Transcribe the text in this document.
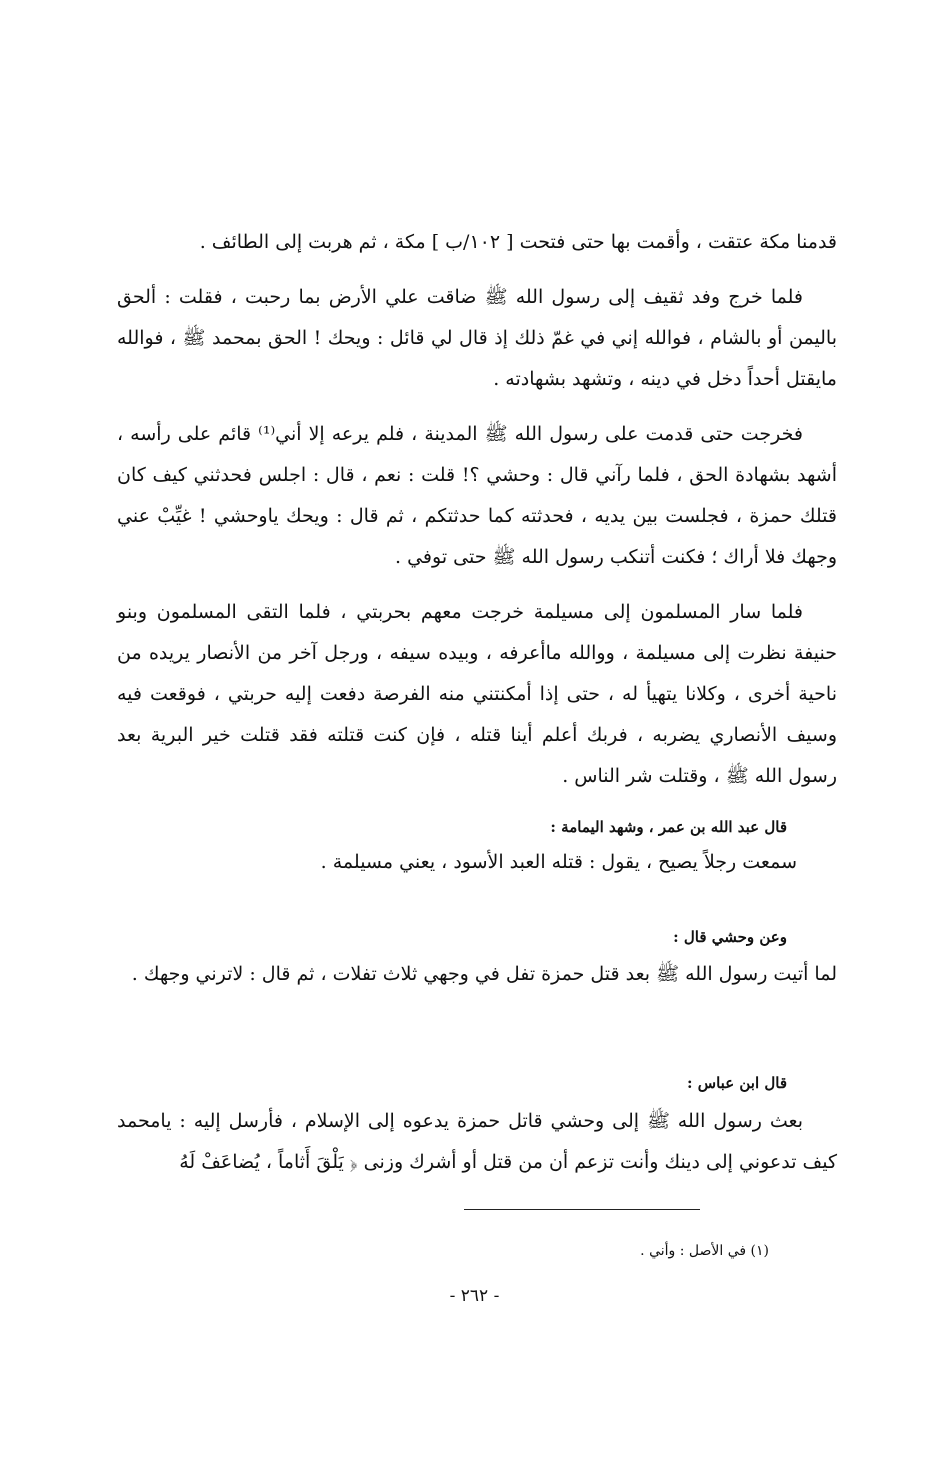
قدمنا مكة عتقت ، وأقمت بها حتى فتحت [ ١٠٢/ب ] مكة ، ثم هربت إلى الطائف .

فلما خرج وفد ثقيف إلى رسول الله ﷺ ضاقت علي الأرض بما رحبت ، فقلت : ألحق باليمن أو بالشام ، فوالله إني في غمّ ذلك إذ قال لي قائل : ويحك ! الحق بمحمد ﷺ ، فوالله مايقتل أحداً دخل في دينه ، وتشهد بشهادته .

فخرجت حتى قدمت على رسول الله ﷺ المدينة ، فلم يرعه إلا أني⁽¹⁾ قائم على رأسه ، أشهد بشهادة الحق ، فلما رآني قال : وحشي ؟! قلت : نعم ، قال : اجلس فحدثني كيف كان قتلك حمزة ، فجلست بين يديه ، فحدثته كما حدثتكم ، ثم قال : ويحك ياوحشي ! غيِّبْ عني وجهك فلا أراك ؛ فكنت أتنكب رسول الله ﷺ حتى توفي .

فلما سار المسلمون إلى مسيلمة خرجت معهم بحربتي ، فلما التقى المسلمون وبنو حنيفة نظرت إلى مسيلمة ، ووالله ماأعرفه ، وبيده سيفه ، ورجل آخر من الأنصار يريده من ناحية أخرى ، وكلانا يتهيأ له ، حتى إذا أمكنتني منه الفرصة دفعت إليه حربتي ، فوقعت فيه وسيف الأنصاري يضربه ، فربك أعلم أينا قتله ، فإن كنت قتلته فقد قتلت خير البرية بعد رسول الله ﷺ ، وقتلت شر الناس .

قال عبد الله بن عمر ، وشهد اليمامة :
سمعت رجلاً يصيح ، يقول : قتله العبد الأسود ، يعني مسيلمة .
وعن وحشي قال :
لما أتيت رسول الله ﷺ بعد قتل حمزة تفل في وجهي ثلاث تفلات ، ثم قال : لاترني وجهك .
قال ابن عباس :
بعث رسول الله ﷺ إلى وحشي قاتل حمزة يدعوه إلى الإسلام ، فأرسل إليه : يامحمد كيف تدعوني إلى دينك وأنت تزعم أن من قتل أو أشرك وزنى ﴿ يَلْقَ أَثاماً ، يُضاعَفْ لَهُ
(١) في الأصل : وأني .
- ٢٦٢ -
